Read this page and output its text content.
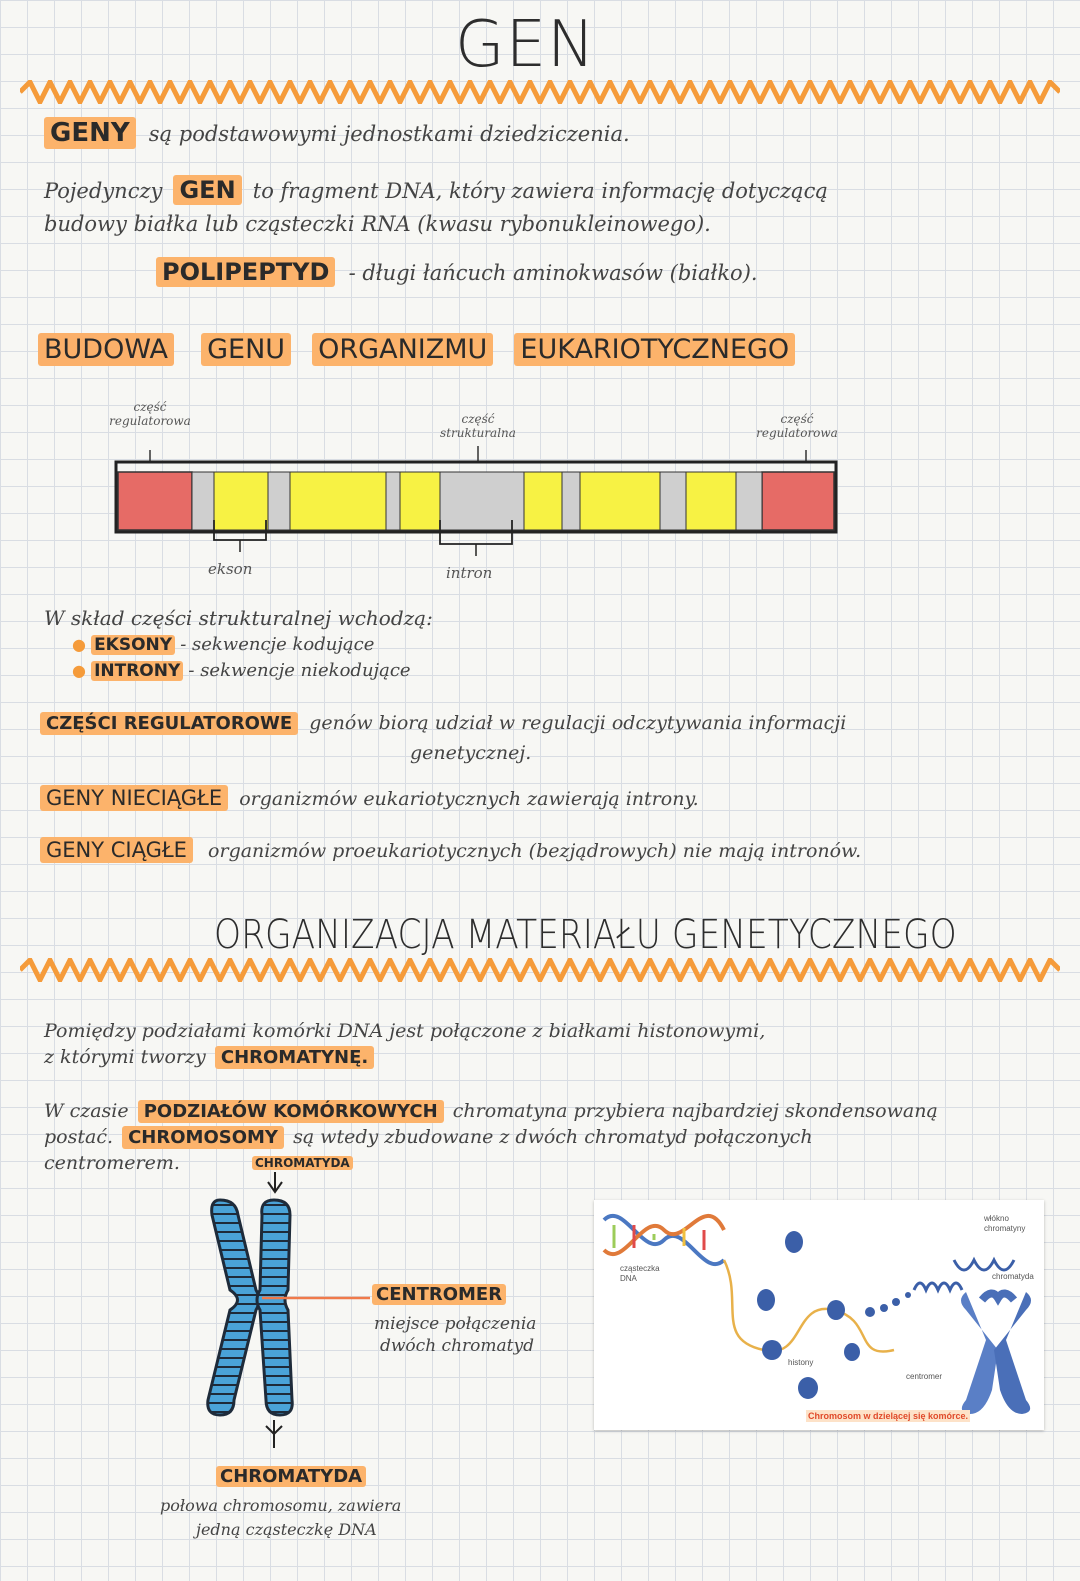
GEN
GENY są podstawowymi jednostkami dziedziczenia.
Pojedynczy GEN to fragment DNA, który zawiera informację dotyczącą
budowy białka lub cząsteczki RNA (kwasu rybonukleinowego).
POLIPEPTYD - długi łańcuch aminokwasów (białko).
BUDOWA GENU ORGANIZMU EUKARIOTYCZNEGO
część regulatorowa	część strukturalna
część regulatorowa
ekson	intron
W skład części strukturalnej wchodzą:
● EKSONY - sekwencje kodujące
● INTRONY - sekwencje niekodujące
CZĘŚCI REGULATOROWE genów biorą udział w regulacji odczytywania informacji
genetycznej.
GENY NIECIĄGŁE organizmów eukariotycznych zawierają introny.
GENY CIĄGŁE organizmów proeukariotycznych (bezjądrowych) nie mają intronów.
ORGANIZACJA MATERIAŁU GENETYCZNEGO
Pomiędzy podziałami komórki DNA jest połączone z białkami histonowymi,
z którymi tworzy CHROMATYNĘ.
W czasie PODZIAŁÓW KOMÓRKOWYCH chromatyna przybiera najbardziej skondensowaną
postać. CHROMOSOMY są wtedy zbudowane z dwóch chromatyd połączonych
centromerem.	CHROMATYDA
CENTROMER
miejsce połączenia
dwóch chromatyd
CHROMATYDA
połowa chromosomu, zawiera
jedną cząsteczkę DNA
cząsteczka DNA
włókno chromatyny
chromatyda
histony
centromer
Chromosom w dzielącej się komórce.
